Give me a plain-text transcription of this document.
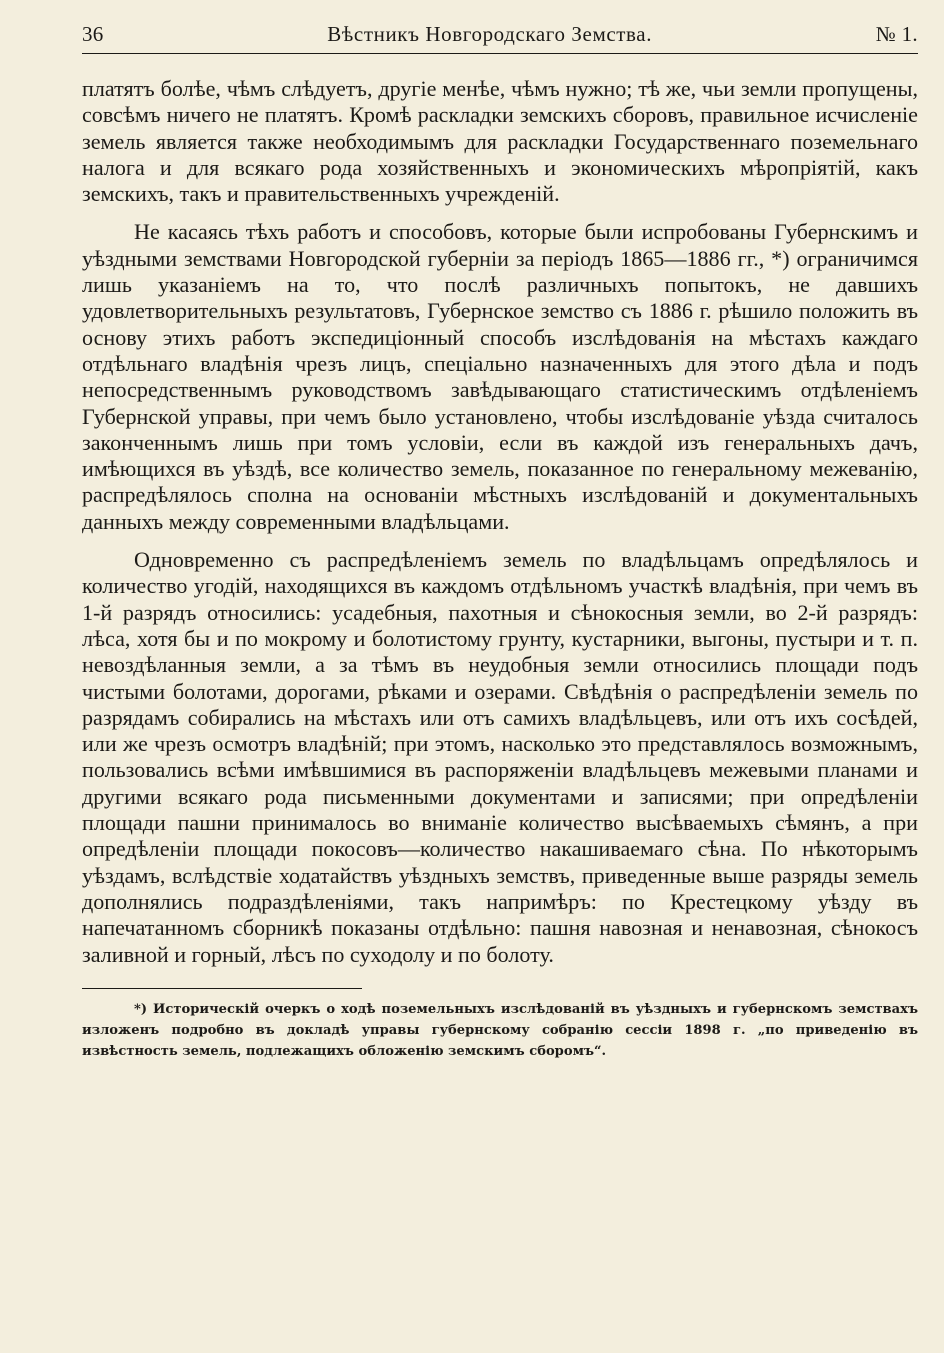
36	Вѣстникъ Новгородскаго Земства.	№ 1.

платятъ болѣе, чѣмъ слѣдуетъ, другіе менѣе, чѣмъ нужно; тѣ же, чьи земли пропущены, совсѣмъ ничего не платятъ. Кромѣ раскладки земскихъ сборовъ, правильное исчисленіе земель является также необходимымъ для раскладки Государственнаго поземельнаго налога и для всякаго рода хозяйственныхъ и экономическихъ мѣропріятій, какъ земскихъ, такъ и правительственныхъ учрежденій.

Не касаясь тѣхъ работъ и способовъ, которые были испробованы Губернскимъ и уѣздными земствами Новгородской губерніи за періодъ 1865—1886 гг., *) ограничимся лишь указаніемъ на то, что послѣ различныхъ попытокъ, не давшихъ удовлетворительныхъ результатовъ, Губернское земство съ 1886 г. рѣшило положить въ основу этихъ работъ экспедиціонный способъ изслѣдованія на мѣстахъ каждаго отдѣльнаго владѣнія чрезъ лицъ, спеціально назначенныхъ для этого дѣла и подъ непосредственнымъ руководствомъ завѣдывающаго статистическимъ отдѣленіемъ Губернской управы, при чемъ было установлено, чтобы изслѣдованіе уѣзда считалось законченнымъ лишь при томъ условіи, если въ каждой изъ генеральныхъ дачъ, имѣющихся въ уѣздѣ, все количество земель, показанное по генеральному межеванію, распредѣлялось сполна на основаніи мѣстныхъ изслѣдованій и документальныхъ данныхъ между современными владѣльцами.

Одновременно съ распредѣленіемъ земель по владѣльцамъ опредѣлялось и количество угодій, находящихся въ каждомъ отдѣльномъ участкѣ владѣнія, при чемъ въ 1-й разрядъ относились: усадебныя, пахотныя и сѣнокосныя земли, во 2-й разрядъ: лѣса, хотя бы и по мокрому и болотистому грунту, кустарники, выгоны, пустыри и т. п. невоздѣланныя земли, а за тѣмъ въ неудобныя земли относились площади подъ чистыми болотами, дорогами, рѣками и озерами. Свѣдѣнія о распредѣленіи земель по разрядамъ собирались на мѣстахъ или отъ самихъ владѣльцевъ, или отъ ихъ сосѣдей, или же чрезъ осмотръ владѣній; при этомъ, насколько это представлялось возможнымъ, пользовались всѣми имѣвшимися въ распоряженіи владѣльцевъ межевыми планами и другими всякаго рода письменными документами и записями; при опредѣленіи площади пашни принималось во вниманіе количество высѣваемыхъ сѣмянъ, а при опредѣленіи площади покосовъ—количество накашиваемаго сѣна. По нѣкоторымъ уѣздамъ, вслѣдствіе ходатайствъ уѣздныхъ земствъ, приведенные выше разряды земель дополнялись подраздѣленіями, такъ напримѣръ: по Крестецкому уѣзду въ напечатанномъ сборникѣ показаны отдѣльно: пашня навозная и ненавозная, сѣнокосъ заливной и горный, лѣсъ по суходолу и по болоту.

*) Историческій очеркъ о ходѣ поземельныхъ изслѣдованій въ уѣздныхъ и губернскомъ земствахъ изложенъ подробно въ докладѣ управы губернскому собранію сессіи 1898 г. „по приведенію въ извѣстность земель, подлежащихъ обложенію земскимъ сборомъ“.
